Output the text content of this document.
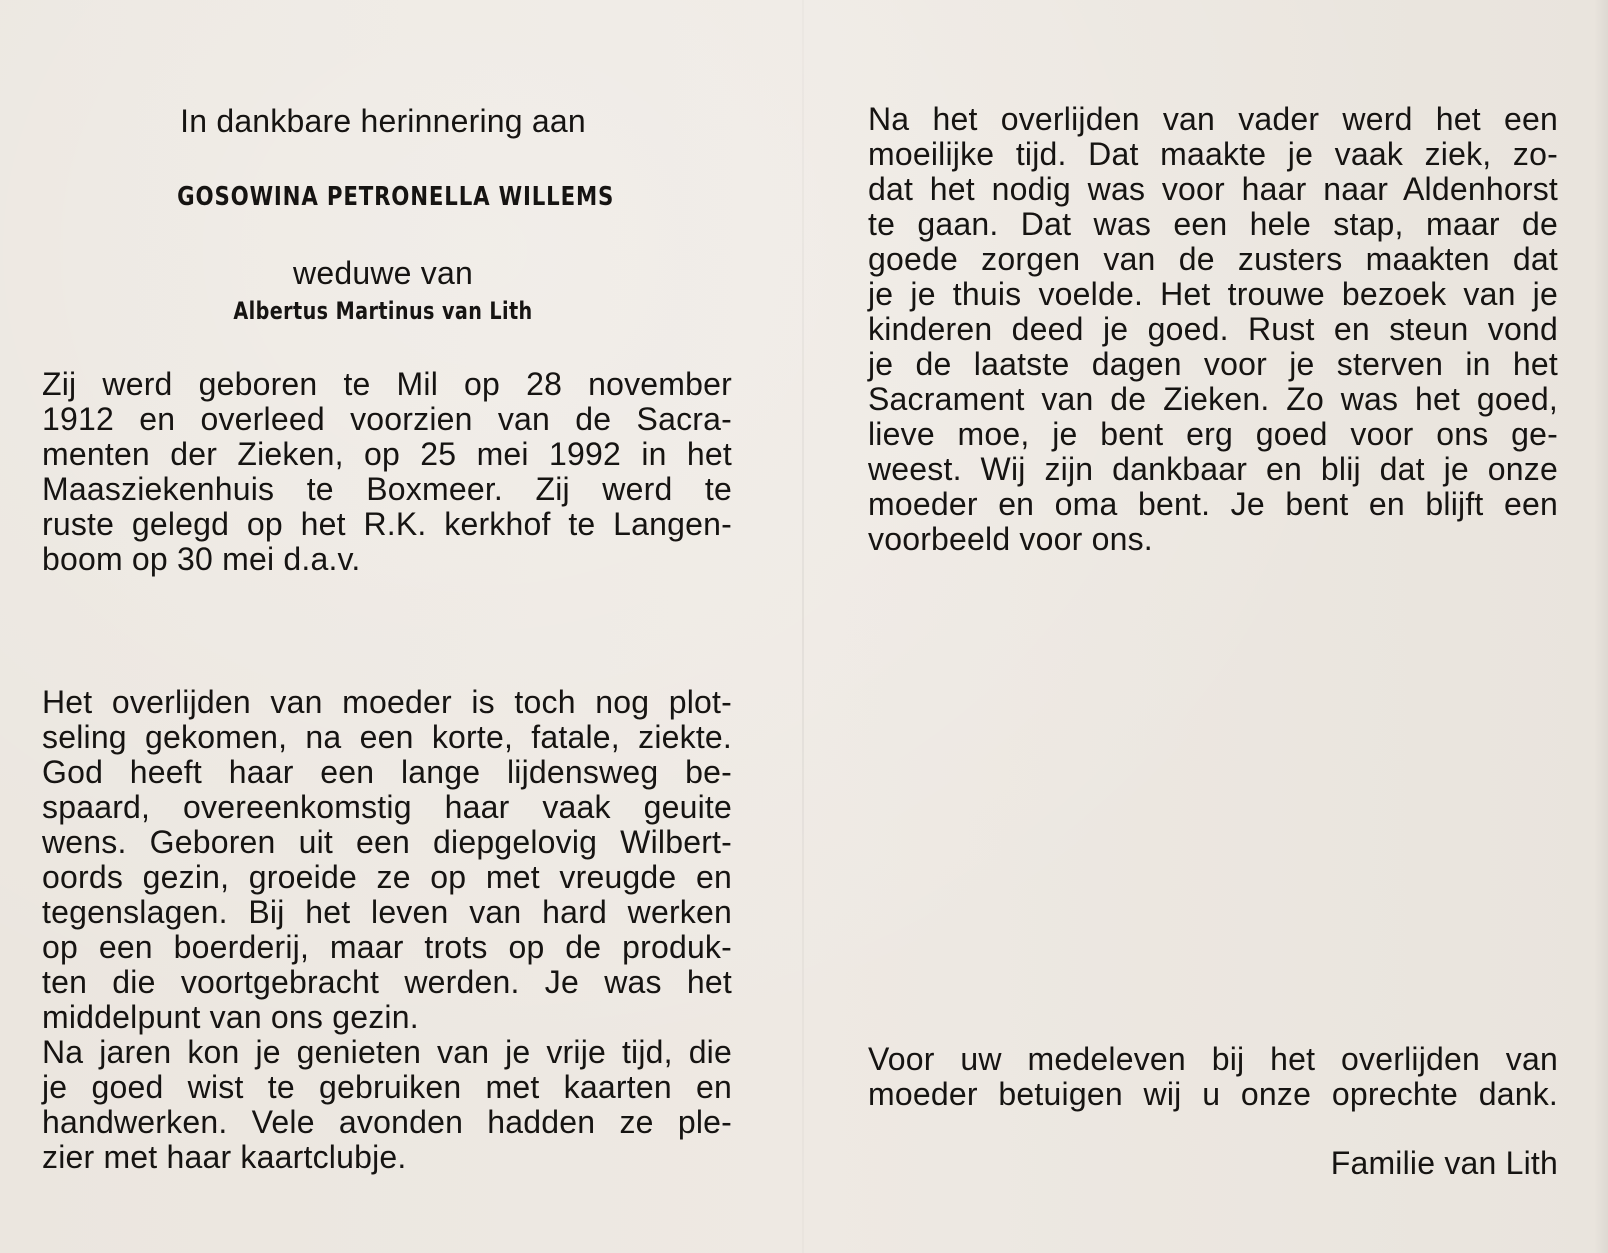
In dankbare herinnering aan
GOSOWINA PETRONELLA WILLEMS
weduwe van
Albertus Martinus van Lith
Zij werd geboren te Mil op 28 november
1912 en overleed voorzien van de Sacra-
menten der Zieken, op 25 mei 1992 in het
Maasziekenhuis te Boxmeer. Zij werd te
ruste gelegd op het R.K. kerkhof te Langen-
boom op 30 mei d.a.v.
Het overlijden van moeder is toch nog plot-
seling gekomen, na een korte, fatale, ziekte.
God heeft haar een lange lijdensweg be-
spaard, overeenkomstig haar vaak geuite
wens. Geboren uit een diepgelovig Wilbert-
oords gezin, groeide ze op met vreugde en
tegenslagen. Bij het leven van hard werken
op een boerderij, maar trots op de produk-
ten die voortgebracht werden. Je was het
middelpunt van ons gezin.
Na jaren kon je genieten van je vrije tijd, die
je goed wist te gebruiken met kaarten en
handwerken. Vele avonden hadden ze ple-
zier met haar kaartclubje.
Na het overlijden van vader werd het een
moeilijke tijd. Dat maakte je vaak ziek, zo-
dat het nodig was voor haar naar Aldenhorst
te gaan. Dat was een hele stap, maar de
goede zorgen van de zusters maakten dat
je je thuis voelde. Het trouwe bezoek van je
kinderen deed je goed. Rust en steun vond
je de laatste dagen voor je sterven in het
Sacrament van de Zieken. Zo was het goed,
lieve moe, je bent erg goed voor ons ge-
weest. Wij zijn dankbaar en blij dat je onze
moeder en oma bent. Je bent en blijft een
voorbeeld voor ons.
Voor uw medeleven bij het overlijden van
moeder betuigen wij u onze oprechte dank.
Familie van Lith
